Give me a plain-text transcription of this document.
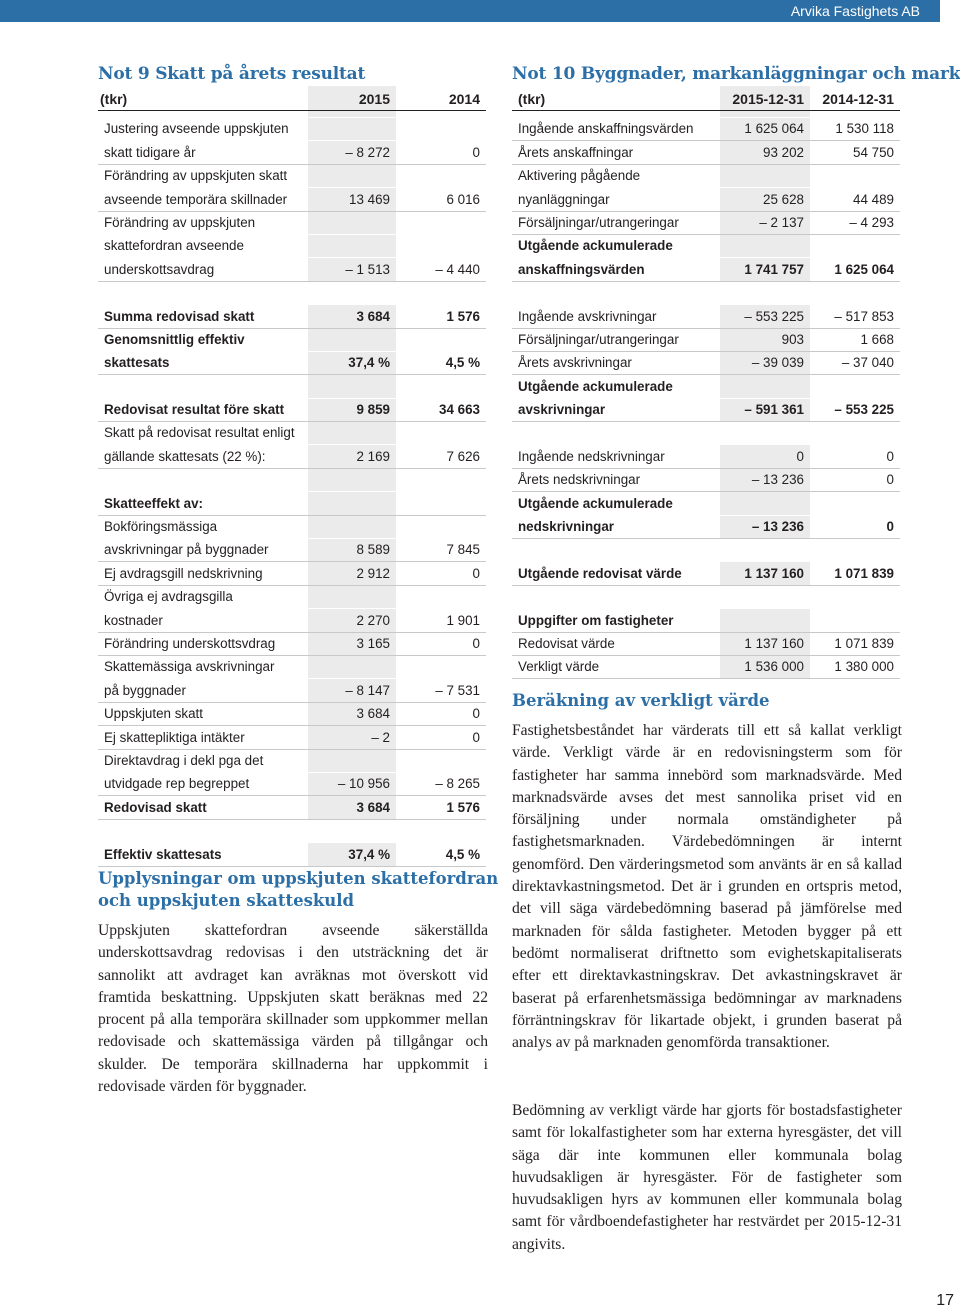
Arvika Fastighets AB
Not 9 Skatt på årets resultat
(tkr)	2015	2014

Justering avseende uppskjuten		
skatt tidigare år	– 8 272	0
Förändring av uppskjuten skatt		
avseende temporära skillnader	13 469	6 016
Förändring av uppskjuten		
skattefordran avseende		
underskottsavdrag	– 1 513	– 4 440

Summa redovisad skatt	3 684	1 576
Genomsnittlig effektiv		
skattesats	37,4 %	4,5 %

Redovisat resultat före skatt	9 859	34 663
Skatt på redovisat resultat enligt		
gällande skattesats (22 %):	2 169	7 626

Skatteeffekt av:		
Bokföringsmässiga		
avskrivningar på byggnader	8 589	7 845
Ej avdragsgill nedskrivning	2 912	0
Övriga ej avdragsgilla		
kostnader	2 270	1 901
Förändring underskottsvdrag	3 165	0
Skattemässiga avskrivningar		
på byggnader	– 8 147	– 7 531
Uppskjuten skatt	3 684	0
Ej skattepliktiga intäkter	– 2	0
Direktavdrag i dekl pga det		
utvidgade rep begreppet	– 10 956	– 8 265
Redovisad skatt	3 684	1 576

Effektiv skattesats	37,4 %	4,5 %
Upplysningar om uppskjuten skattefordran
och uppskjuten skatteskuld

Uppskjuten skattefordran avseende säkerställda underskottsavdrag redovisas i den utsträckning det är sannolikt att avdraget kan avräknas mot överskott vid framtida beskattning. Uppskjuten skatt beräknas med 22 procent på alla temporära skillnader som uppkommer mellan redovisade och skattemässiga värden på tillgångar och skulder. De temporära skillnaderna har uppkommit i redovisade värden för byggnader.

Not 10 Byggnader, markanläggningar och mark
(tkr)	2015-12-31	2014-12-31

Ingående anskaffningsvärden	1 625 064	1 530 118
Årets anskaffningar	93 202	54 750
Aktivering pågående		
nyanläggningar	25 628	44 489
Försäljningar/utrangeringar	– 2 137	– 4 293
Utgående ackumulerade		
anskaffningsvärden	1 741 757	1 625 064

Ingående avskrivningar	– 553 225	– 517 853
Försäljningar/utrangeringar	903	1 668
Årets avskrivningar	– 39 039	– 37 040
Utgående ackumulerade		
avskrivningar	– 591 361	– 553 225

Ingående nedskrivningar	0	0
Årets nedskrivningar	– 13 236	0
Utgående ackumulerade		
nedskrivningar	– 13 236	0

Utgående redovisat värde	1 137 160	1 071 839

Uppgifter om fastigheter		
Redovisat värde	1 137 160	1 071 839
Verkligt värde	1 536 000	1 380 000
Beräkning av verkligt värde

Fastighetsbeståndet har värderats till ett så kallat verkligt värde. Verkligt värde är en redovisningsterm som för fastigheter har samma innebörd som marknadsvärde. Med marknadsvärde avses det mest sannolika priset vid en försäljning under normala omständigheter på fastighetsmarknaden. Värdebedömningen är internt genomförd. Den värderingsmetod som använts är en så kallad direktavkastningsmetod. Det är i grunden en ortspris metod, det vill säga värdebedömning baserad på jämförelse med marknaden för sålda fastigheter. Metoden bygger på ett bedömt normaliserat driftnetto som evighetskapitaliserats efter ett direktavkastningskrav. Det avkastningskravet är baserat på erfarenhetsmässiga bedömningar av marknadens förräntningskrav för likartade objekt, i grunden baserat på analys av på marknaden genomförda transaktioner.

Bedömning av verkligt värde har gjorts för bostadsfastigheter samt för lokalfastigheter som har externa hyresgäster, det vill säga där inte kommunen eller kommunala bolag huvudsakligen är hyresgäster. För de fastigheter som huvudsakligen hyrs av kommunen eller kommunala bolag samt för vårdboendefastigheter har restvärdet per 2015-12-31 angivits.

17
